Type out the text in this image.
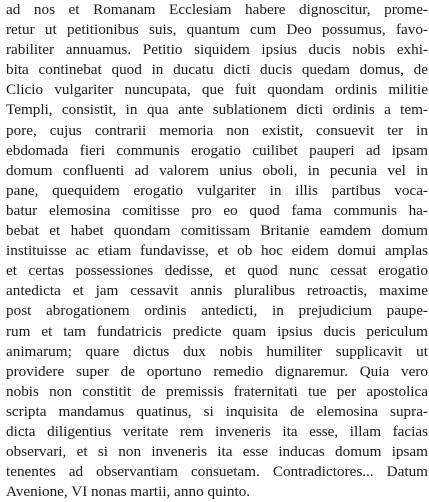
ad nos et Romanam Ecclesiam habere dignoscitur, prome-
retur ut petitionibus suis, quantum cum Deo possumus, favo-
rabiliter annuamus. Petitio siquidem ipsius ducis nobis exhi-
bita continebat quod in ducatu dicti ducis quedam domus, de
Clicio vulgariter nuncupata, que fuit quondam ordinis militie
Templi, consistit, in qua ante sublationem dicti ordinis a tem-
pore, cujus contrarii memoria non existit, consuevit ter in
ebdomada fieri communis erogatio cuilibet pauperi ad ipsam
domum confluenti ad valorem unius oboli, in pecunia vel in
pane, quequidem erogatio vulgariter in illis partibus voca-
batur elemosina comitisse pro eo quod fama communis ha-
bebat et habet quondam comitissam Britanie eamdem domum
instituisse ac etiam fundavisse, et ob hoc eidem domui amplas
et certas possessiones dedisse, et quod nunc cessat erogatio
antedicta et jam cessavit annis pluralibus retroactis, maxime
post abrogationem ordinis antedicti, in prejudicium paupe-
rum et tam fundatricis predicte quam ipsius ducis periculum
animarum; quare dictus dux nobis humiliter supplicavit ut
providere super de oportuno remedio dignaremur. Quia vero
nobis non constitit de premissis fraternitati tue per apostolica
scripta mandamus quatinus, si inquisita de elemosina supra-
dicta diligentius veritate rem inveneris ita esse, illam facias
observari, et si non inveneris ita esse inducas domum ipsam
tenentes ad observantiam consuetam. Contradictores... Datum
Avenione, VI nonas martii, anno quinto.
